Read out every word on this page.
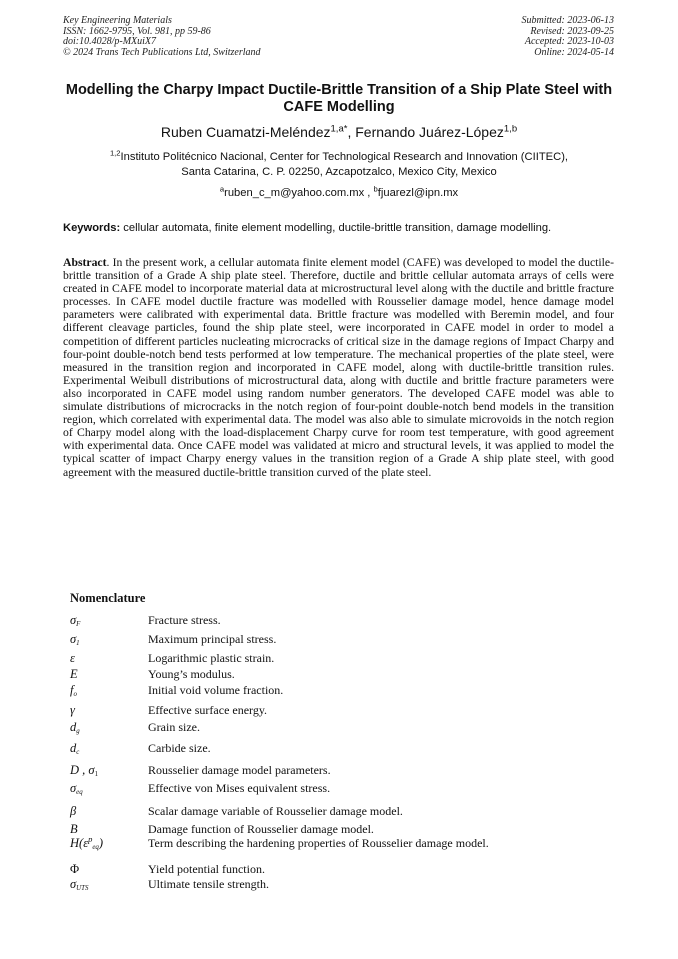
Key Engineering Materials
ISSN: 1662-9795, Vol. 981, pp 59-86
doi:10.4028/p-MXuiX7
© 2024 Trans Tech Publications Ltd, Switzerland
Submitted: 2023-06-13
Revised: 2023-09-25
Accepted: 2023-10-03
Online: 2024-05-14
Modelling the Charpy Impact Ductile-Brittle Transition of a Ship Plate Steel with CAFE Modelling
Ruben Cuamatzi-Meléndez$^{1,a*}$, Fernando Juárez-López$^{1,b}$
$^{1,2}$Instituto Politécnico Nacional, Center for Technological Research and Innovation (CIITEC),
Santa Catarina, C. P. 02250, Azcapotzalco, Mexico City, Mexico
$^a$ruben_c_m@yahoo.com.mx , $^b$fjuarezl@ipn.mx
Keywords: cellular automata, finite element modelling, ductile-brittle transition, damage modelling.

Abstract. In the present work, a cellular automata finite element model (CAFE) was developed to model the ductile-brittle transition of a Grade A ship plate steel. Therefore, ductile and brittle cellular automata arrays of cells were created in CAFE model to incorporate material data at microstructural level along with the ductile and brittle fracture processes. In CAFE model ductile fracture was modelled with Rousselier damage model, hence damage model parameters were calibrated with experimental data. Brittle fracture was modelled with Beremin model, and four different cleavage particles, found the ship plate steel, were incorporated in CAFE model in order to model a competition of different particles nucleating microcracks of critical size in the damage regions of Impact Charpy and four-point double-notch bend tests performed at low temperature. The mechanical properties of the plate steel, were measured in the transition region and incorporated in CAFE model, along with ductile-brittle transition rules. Experimental Weibull distributions of microstructural data, along with ductile and brittle fracture parameters were also incorporated in CAFE model using random number generators. The developed CAFE model was able to simulate distributions of microcracks in the notch region of four-point double-notch bend models in the transition region, which correlated with experimental data. The model was also able to simulate microvoids in the notch region of Charpy model along with the load-displacement Charpy curve for room test temperature, with good agreement with experimental data. Once CAFE model was validated at micro and structural levels, it was applied to model the typical scatter of impact Charpy energy values in the transition region of a Grade A ship plate steel, with good agreement with the measured ductile-brittle transition curved of the plate steel.

Nomenclature
$\sigma_F$	Fracture stress.
$\sigma_1$	Maximum principal stress.
ε	Logarithmic plastic strain.
E	Young’s modulus.
$f_o$	Initial void volume fraction.
γ	Effective surface energy.
$d_g$	Grain size.
$d_c$	Carbide size.
D , $\sigma_1$	Rousselier damage model parameters.
$\sigma_{eq}$	Effective von Mises equivalent stress.
β	Scalar damage variable of Rousselier damage model.
B	Damage function of Rousselier damage model.
$H(\varepsilon^p_{eq})$	Term describing the hardening properties of Rousselier damage model.
Φ	Yield potential function.
$\sigma_{UTS}$	Ultimate tensile strength.
